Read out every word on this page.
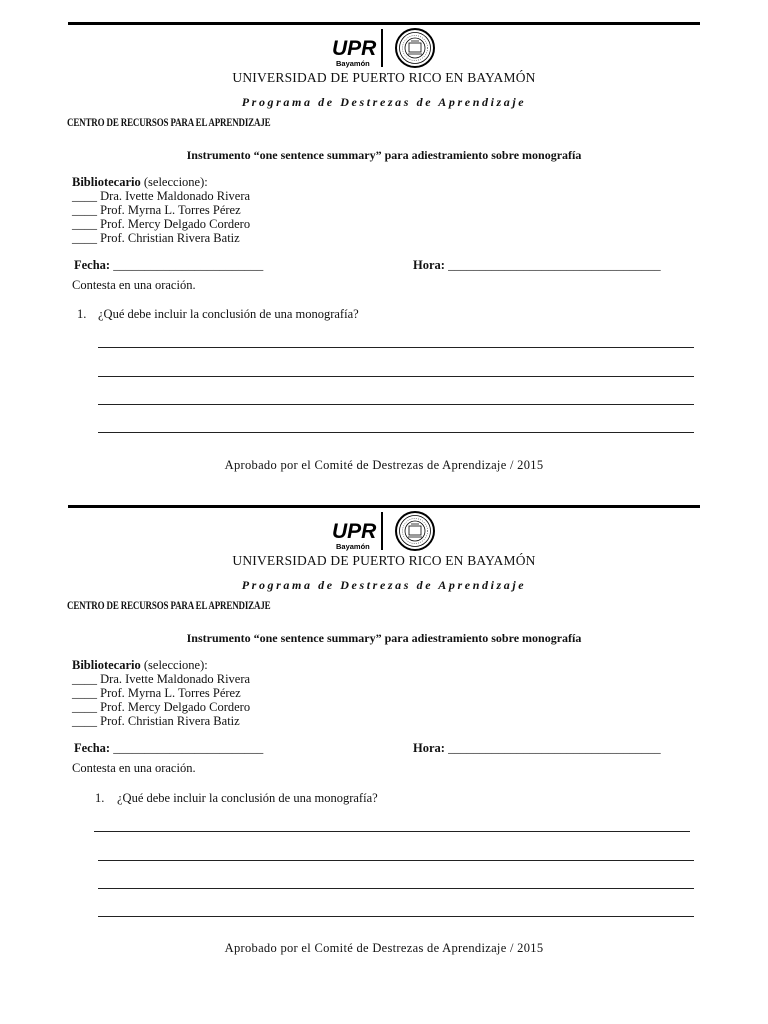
UPR
Bayamón
UNIVERSIDAD DE PUERTO RICO EN BAYAMÓN
Programa de Destrezas de Aprendizaje
CENTRO DE RECURSOS PARA EL APRENDIZAJE
Instrumento “one sentence summary” para adiestramiento sobre monografía
Bibliotecario (seleccione):
____ Dra. Ivette Maldonado Rivera
____ Prof. Myrna L. Torres Pérez
____ Prof. Mercy Delgado Cordero
____ Prof. Christian Rivera Batiz
Fecha: ________________________	Hora: __________________________________
Contesta en una oración.
1. ¿Qué debe incluir la conclusión de una monografía?
Aprobado por el Comité de Destrezas de Aprendizaje / 2015
UPR
Bayamón
UNIVERSIDAD DE PUERTO RICO EN BAYAMÓN
Programa de Destrezas de Aprendizaje
CENTRO DE RECURSOS PARA EL APRENDIZAJE
Instrumento “one sentence summary” para adiestramiento sobre monografía
Bibliotecario (seleccione):
____ Dra. Ivette Maldonado Rivera
____ Prof. Myrna L. Torres Pérez
____ Prof. Mercy Delgado Cordero
____ Prof. Christian Rivera Batiz
Fecha: ________________________	Hora: __________________________________
Contesta en una oración.
1. ¿Qué debe incluir la conclusión de una monografía?
Aprobado por el Comité de Destrezas de Aprendizaje / 2015
